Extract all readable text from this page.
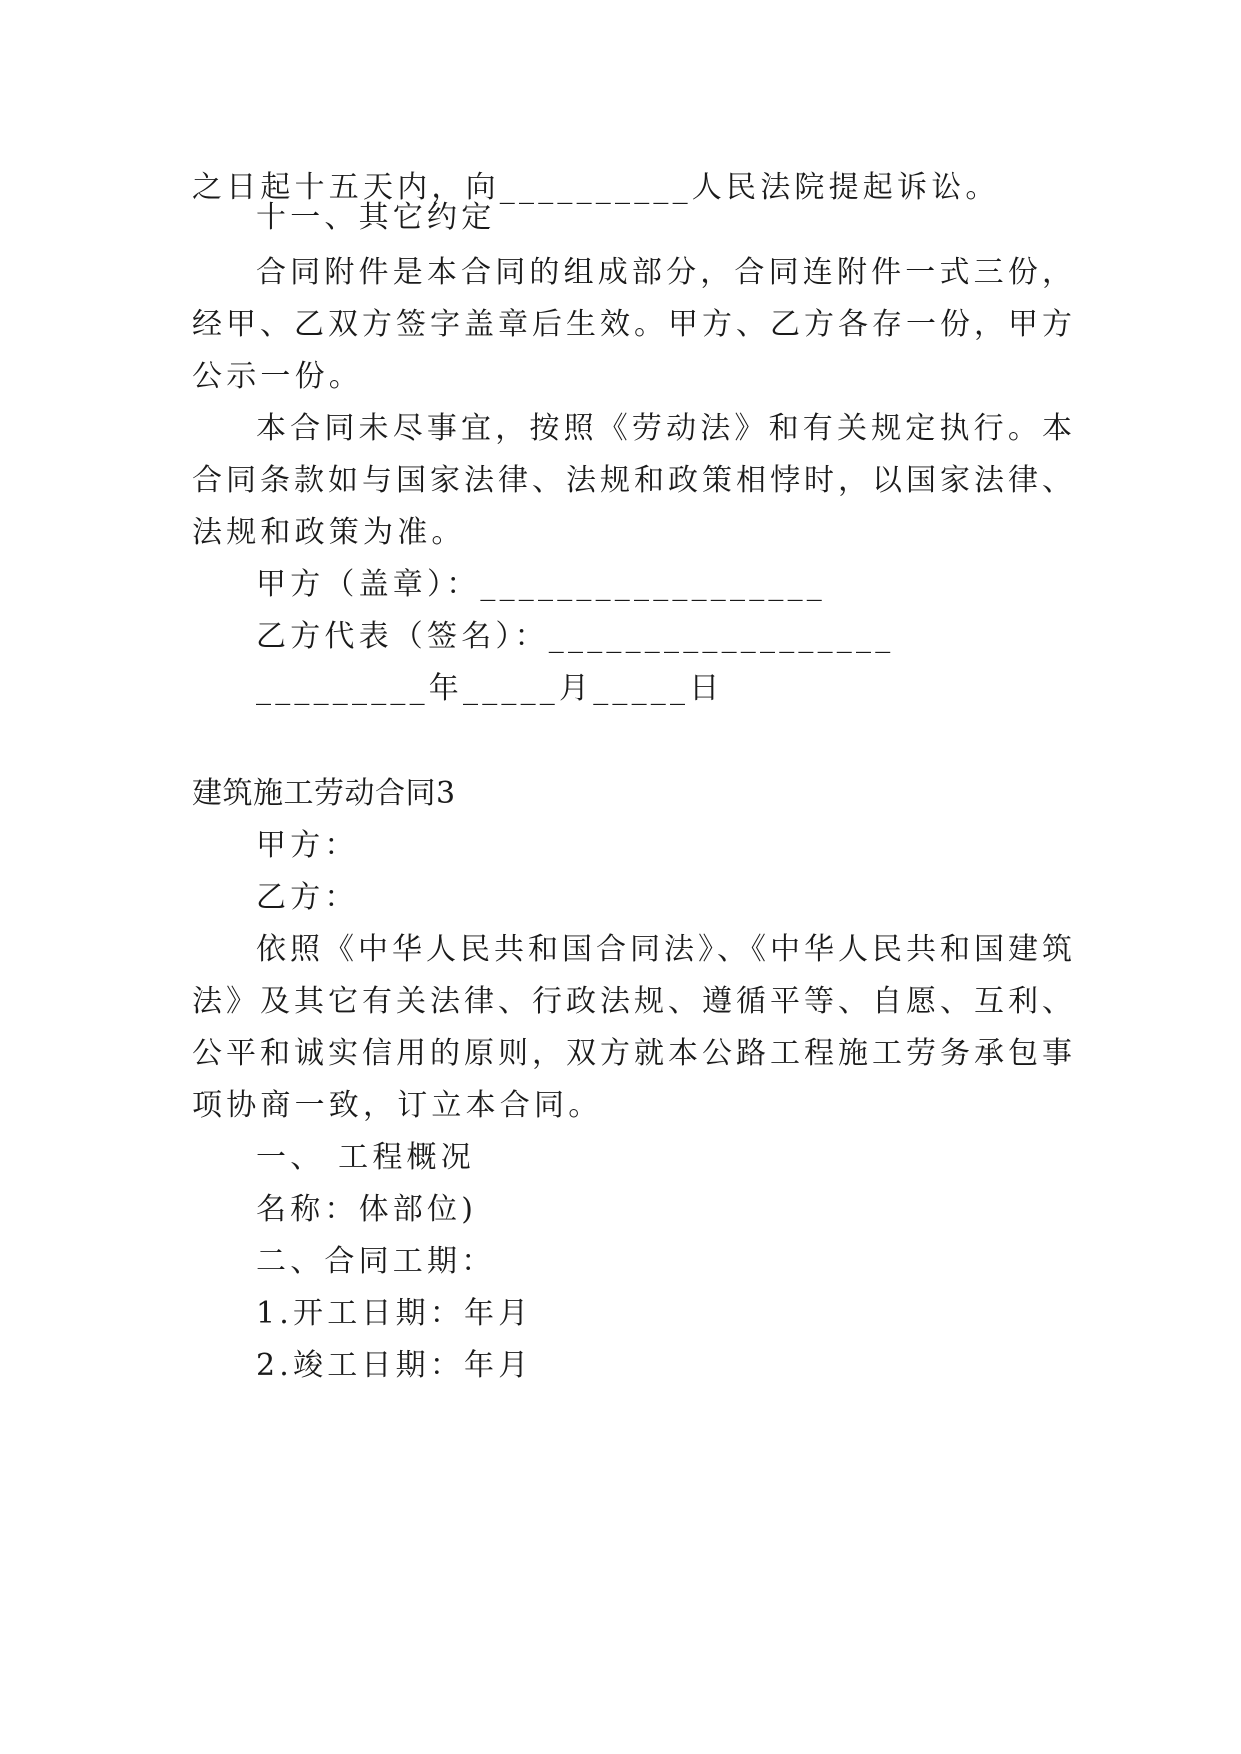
之日起十五天内，向__________人民法院提起诉讼。
十一、其它约定
合同附件是本合同的组成部分，合同连附件一式三份，
经甲、乙双方签字盖章后生效。甲方、乙方各存一份，甲方
公示一份。
本合同未尽事宜，按照《劳动法》和有关规定执行。本
合同条款如与国家法律、法规和政策相悖时，以国家法律、
法规和政策为准。
甲方（盖章）：__________________
乙方代表（签名）：__________________
_________年_____月_____日
建筑施工劳动合同3
甲方：
乙方：
依照《中华人民共和国合同法》、《中华人民共和国建筑
法》及其它有关法律、行政法规、遵循平等、自愿、互利、
公平和诚实信用的原则，双方就本公路工程施工劳务承包事
项协商一致，订立本合同。
一、 工程概况
名称：体部位)
二、合同工期：
1.开工日期：年月
2.竣工日期：年月
